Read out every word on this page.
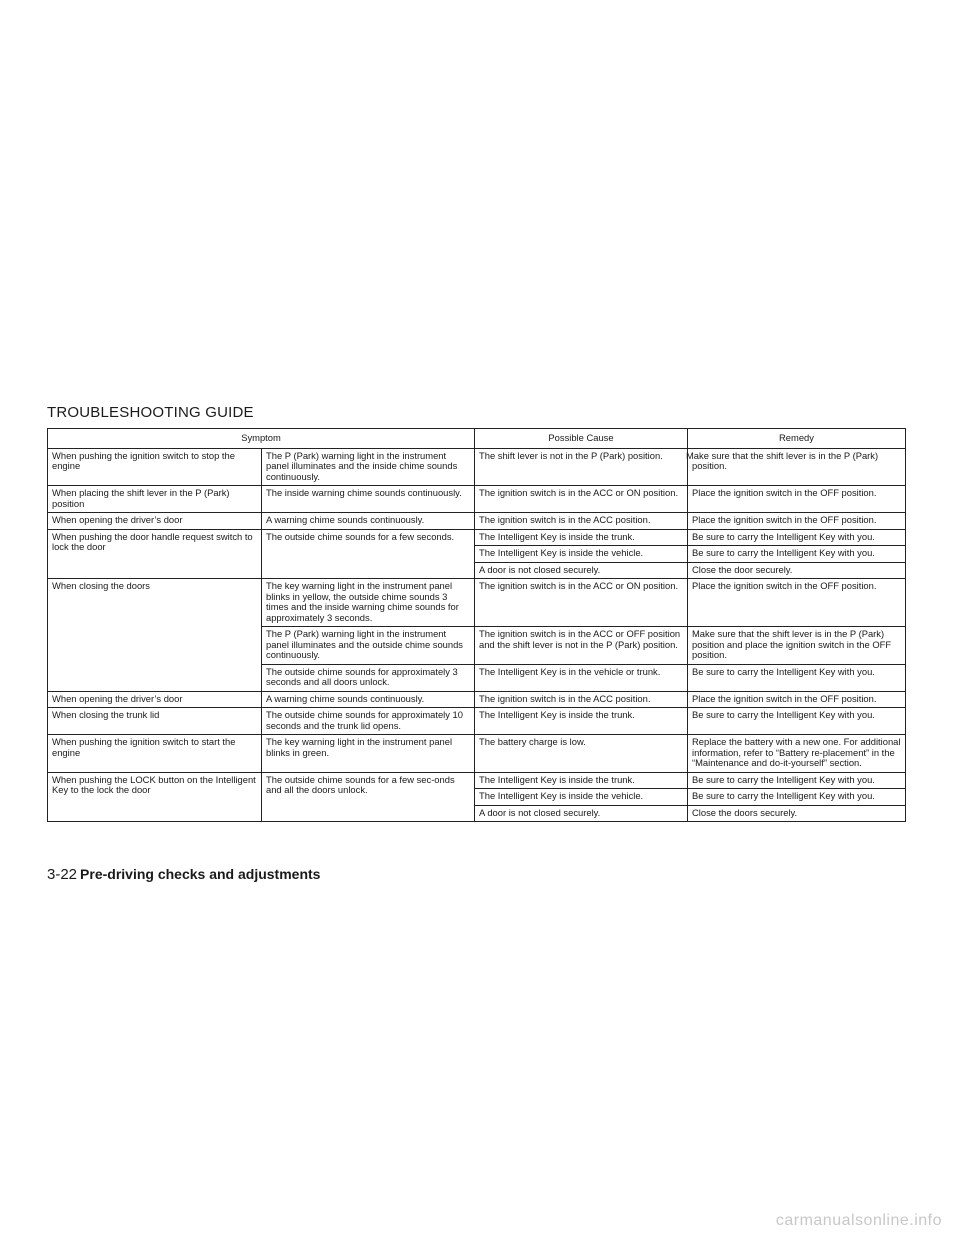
TROUBLESHOOTING GUIDE
Symptom		Possible Cause	Remedy
When pushing the ignition switch to stop the engine	The P (Park) warning light in the instrument panel illuminates and the inside chime sounds continuously.	The shift lever is not in the P (Park) position.	Make sure that the shift lever is in the P (Park) position.
When placing the shift lever in the P (Park) position	The inside warning chime sounds continuously.	The ignition switch is in the ACC or ON position.	Place the ignition switch in the OFF position.
When opening the driver’s door	A warning chime sounds continuously.	The ignition switch is in the ACC position.	Place the ignition switch in the OFF position.
When pushing the door handle request switch to lock the door	The outside chime sounds for a few seconds.	The Intelligent Key is inside the trunk.	Be sure to carry the Intelligent Key with you.
		The Intelligent Key is inside the vehicle.	Be sure to carry the Intelligent Key with you.
		A door is not closed securely.	Close the door securely.
When closing the doors	The key warning light in the instrument panel blinks in yellow, the outside chime sounds 3 times and the inside warning chime sounds for approximately 3 seconds.	The ignition switch is in the ACC or ON position.	Place the ignition switch in the OFF position.
	The P (Park) warning light in the instrument panel illuminates and the outside chime sounds continuously.	The ignition switch is in the ACC or OFF position and the shift lever is not in the P (Park) position.	Make sure that the shift lever is in the P (Park) position and place the ignition switch in the OFF position.
	The outside chime sounds for approximately 3 seconds and all doors unlock.	The Intelligent Key is in the vehicle or trunk.	Be sure to carry the Intelligent Key with you.
When opening the driver’s door	A warning chime sounds continuously.	The ignition switch is in the ACC position.	Place the ignition switch in the OFF position.
When closing the trunk lid	The outside chime sounds for approximately 10 seconds and the trunk lid opens.	The Intelligent Key is inside the trunk.	Be sure to carry the Intelligent Key with you.
When pushing the ignition switch to start the engine	The key warning light in the instrument panel blinks in green.	The battery charge is low.	Replace the battery with a new one. For additional information, refer to “Battery re-placement” in the “Maintenance and do-it-yourself” section.
When pushing the LOCK button on the Intelligent Key to the lock the door	The outside chime sounds for a few sec-onds and all the doors unlock.	The Intelligent Key is inside the trunk.	Be sure to carry the Intelligent Key with you.
		The Intelligent Key is inside the vehicle.	Be sure to carry the Intelligent Key with you.
		A door is not closed securely.	Close the doors securely.
3-22 Pre-driving checks and adjustments
carmanualsonline.info
